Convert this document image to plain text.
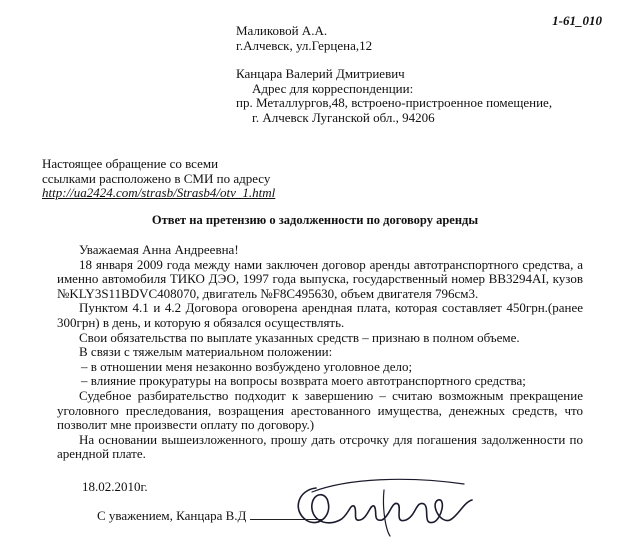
1-61_010
Маликовой А.А.
г.Алчевск, ул.Герцена,12
Канцара Валерий Дмитриевич
Адрес для корреспонденции:
пр. Металлургов,48, встроено-пристроенное помещение,
г. Алчевск Луганской обл., 94206
Настоящее обращение со всеми
ссылками расположено в СМИ по адресу
http://ua2424.com/strasb/Strasb4/otv_1.html
Ответ на претензию о задолженности по договору аренды

Уважаемая Анна Андреевна!

18 января 2009 года между нами заключен договор аренды автотранспортного средства, а именно автомобиля ТИКО ДЭО, 1997 года выпуска, государственный номер ВВ3294АІ, кузов №KLY3S11BDVC408070, двигатель №F8C495630, объем двигателя 796см3.

Пунктом 4.1 и 4.2 Договора оговорена арендная плата, которая составляет 450грн.(ранее 300грн) в день, и которую я обязался осуществлять.

Свои обязательства по выплате указанных средств – признаю в полном объеме.

В связи с тяжелым материальном положении:

– в отношении меня незаконно возбуждено уголовное дело;

– влияние прокуратуры на вопросы возврата моего автотранспортного средства;

Судебное разбирательство подходит к завершению – считаю возможным прекращение уголовного преследования, возращения арестованного имущества, денежных средств, что позволит мне произвести оплату по договору.)

На основании вышеизложенного, прошу дать отсрочку для погашения задолженности по арендной плате.

18.02.2010г.
С уважением, Канцара В.Д
